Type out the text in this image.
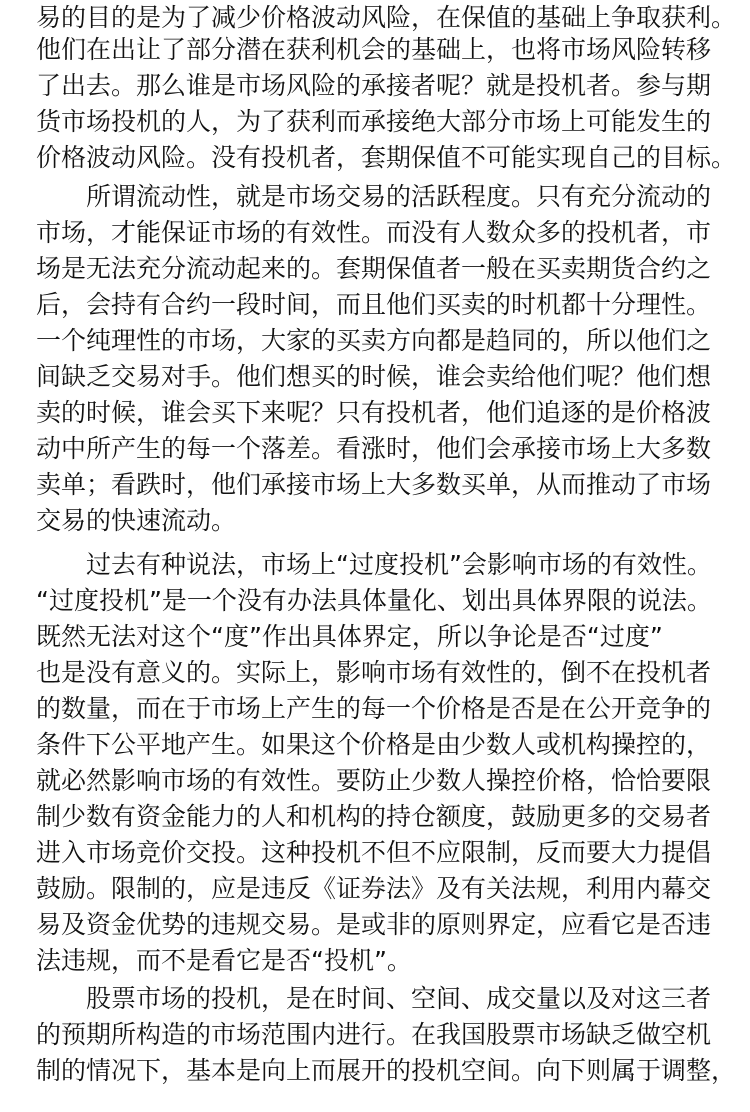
易的目的是为了减少价格波动风险，在保值的基础上争取获利。
他们在出让了部分潜在获利机会的基础上，也将市场风险转移
了出去。那么谁是市场风险的承接者呢？就是投机者。参与期
货市场投机的人，为了获利而承接绝大部分市场上可能发生的
价格波动风险。没有投机者，套期保值不可能实现自己的目标。
　　所谓流动性，就是市场交易的活跃程度。只有充分流动的
市场，才能保证市场的有效性。而没有人数众多的投机者，市
场是无法充分流动起来的。套期保值者一般在买卖期货合约之
后，会持有合约一段时间，而且他们买卖的时机都十分理性。
一个纯理性的市场，大家的买卖方向都是趋同的，所以他们之
间缺乏交易对手。他们想买的时候，谁会卖给他们呢？他们想
卖的时候，谁会买下来呢？只有投机者，他们追逐的是价格波
动中所产生的每一个落差。看涨时，他们会承接市场上大多数
卖单；看跌时，他们承接市场上大多数买单，从而推动了市场
交易的快速流动。
　　过去有种说法，市场上“过度投机”会影响市场的有效性。
“过度投机”是一个没有办法具体量化、划出具体界限的说法。
既然无法对这个“度”作出具体界定，所以争论是否“过度”
也是没有意义的。实际上，影响市场有效性的，倒不在投机者
的数量，而在于市场上产生的每一个价格是否是在公开竞争的
条件下公平地产生。如果这个价格是由少数人或机构操控的，
就必然影响市场的有效性。要防止少数人操控价格，恰恰要限
制少数有资金能力的人和机构的持仓额度，鼓励更多的交易者
进入市场竞价交投。这种投机不但不应限制，反而要大力提倡
鼓励。限制的，应是违反《证券法》及有关法规，利用内幕交
易及资金优势的违规交易。是或非的原则界定，应看它是否违
法违规，而不是看它是否“投机”。
　　股票市场的投机，是在时间、空间、成交量以及对这三者
的预期所构造的市场范围内进行。在我国股票市场缺乏做空机
制的情况下，基本是向上而展开的投机空间。向下则属于调整，
